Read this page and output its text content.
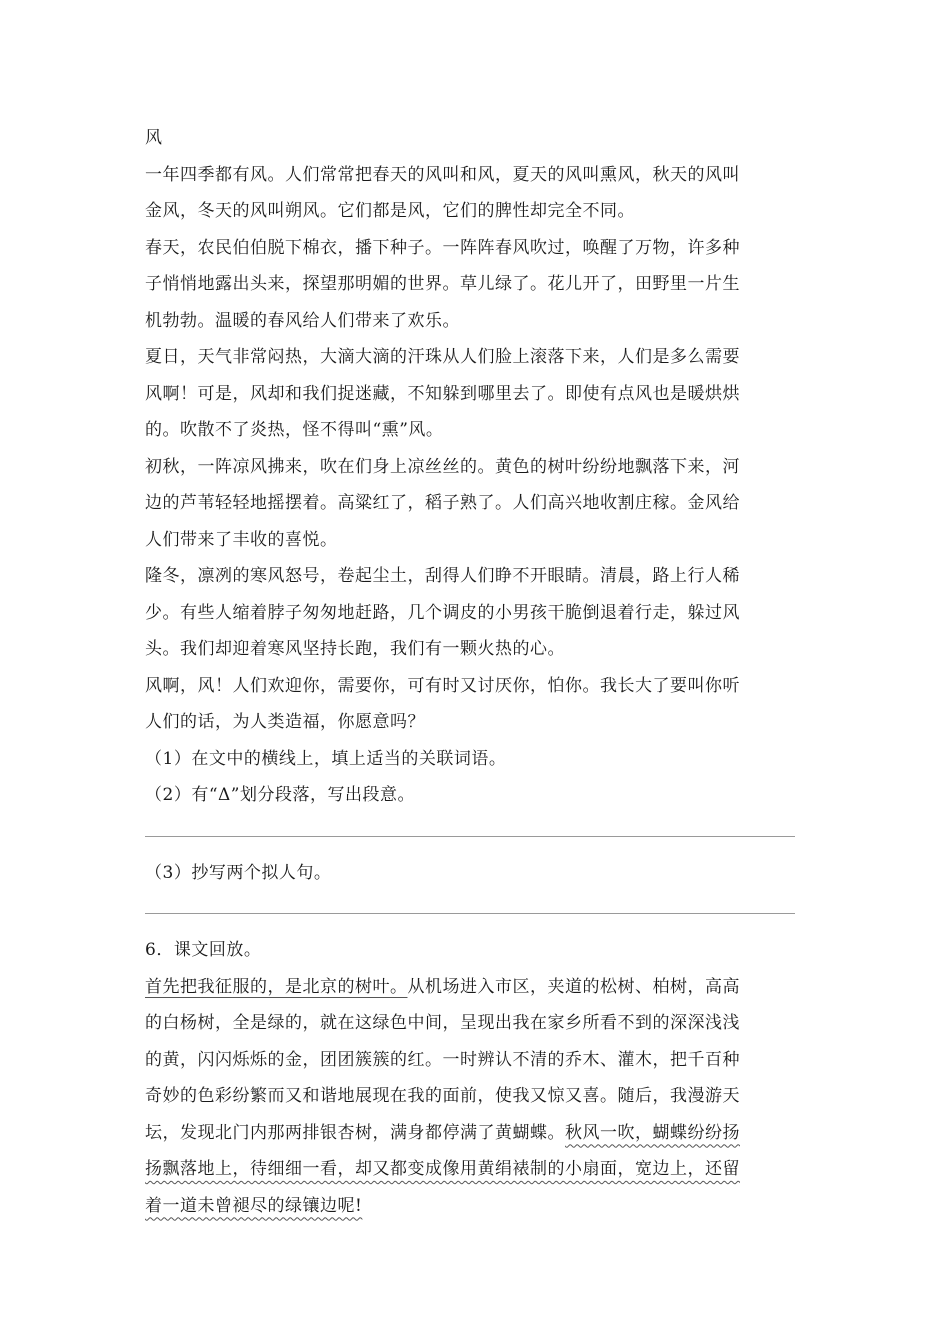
风
一年四季都有风。人们常常把春天的风叫和风，夏天的风叫熏风，秋天的风叫
金风，冬天的风叫朔风。它们都是风，它们的脾性却完全不同。
春天，农民伯伯脱下棉衣，播下种子。一阵阵春风吹过，唤醒了万物，许多种
子悄悄地露出头来，探望那明媚的世界。草儿绿了。花儿开了，田野里一片生
机勃勃。温暖的春风给人们带来了欢乐。
夏日，天气非常闷热，大滴大滴的汗珠从人们脸上滚落下来，人们是多么需要
风啊！可是，风却和我们捉迷藏，不知躲到哪里去了。即使有点风也是暖烘烘
的。吹散不了炎热，怪不得叫“熏”风。
初秋，一阵凉风拂来，吹在们身上凉丝丝的。黄色的树叶纷纷地飘落下来，河
边的芦苇轻轻地摇摆着。高粱红了，稻子熟了。人们高兴地收割庄稼。金风给
人们带来了丰收的喜悦。
隆冬，凛冽的寒风怒号，卷起尘土，刮得人们睁不开眼睛。清晨，路上行人稀
少。有些人缩着脖子匆匆地赶路，几个调皮的小男孩干脆倒退着行走，躲过风
头。我们却迎着寒风坚持长跑，我们有一颗火热的心。
风啊，风！人们欢迎你，需要你，可有时又讨厌你，怕你。我长大了要叫你听
人们的话，为人类造福，你愿意吗？
（1）在文中的横线上，填上适当的关联词语。
（2）有“Δ”划分段落，写出段意。
（3）抄写两个拟人句。
6．课文回放。
首先把我征服的，是北京的树叶。从机场进入市区，夹道的松树、柏树，高高
的白杨树，全是绿的，就在这绿色中间，呈现出我在家乡所看不到的深深浅浅
的黄，闪闪烁烁的金，团团簇簇的红。一时辨认不清的乔木、灌木，把千百种
奇妙的色彩纷繁而又和谐地展现在我的面前，使我又惊又喜。随后，我漫游天
坛，发现北门内那两排银杏树，满身都停满了黄蝴蝶。秋风一吹，蝴蝶纷纷扬
扬飘落地上，待细细一看，却又都变成像用黄绢裱制的小扇面，宽边上，还留
着一道未曾褪尽的绿镶边呢!
